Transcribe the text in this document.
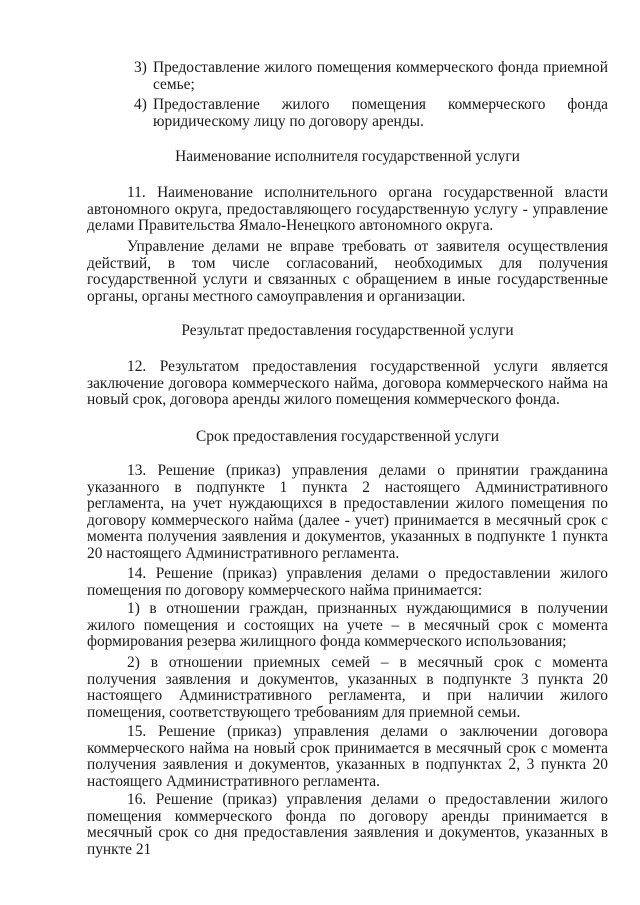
3) Предоставление жилого помещения коммерческого фонда приемной семье;

4) Предоставление жилого помещения коммерческого фонда юридическому лицу по договору аренды.

Наименование исполнителя государственной услуги

11. Наименование исполнительного органа государственной власти автономного округа, предоставляющего государственную услугу - управление делами Правительства Ямало-Ненецкого автономного округа.

Управление делами не вправе требовать от заявителя осуществления действий, в том числе согласований, необходимых для получения государственной услуги и связанных с обращением в иные государственные органы, органы местного самоуправления и организации.

Результат предоставления государственной услуги

12. Результатом предоставления государственной услуги является заключение договора коммерческого найма, договора коммерческого найма на новый срок, договора аренды жилого помещения коммерческого фонда.

Срок предоставления государственной услуги

13. Решение (приказ) управления делами о принятии гражданина указанного в подпункте 1 пункта 2 настоящего Административного регламента, на учет нуждающихся в предоставлении жилого помещения по договору коммерческого найма (далее - учет) принимается в месячный срок с момента получения заявления и документов, указанных в подпункте 1 пункта 20 настоящего Административного регламента.

14. Решение (приказ) управления делами о предоставлении жилого помещения по договору коммерческого найма принимается:

1) в отношении граждан, признанных нуждающимися в получении жилого помещения и состоящих на учете – в месячный срок с момента формирования резерва жилищного фонда коммерческого использования;

2) в отношении приемных семей – в месячный срок с момента получения заявления и документов, указанных в подпункте 3 пункта 20 настоящего Административного регламента, и при наличии жилого помещения, соответствующего требованиям для приемной семьи.

15. Решение (приказ) управления делами о заключении договора коммерческого найма на новый срок принимается в месячный срок с момента получения заявления и документов, указанных в подпунктах 2, 3 пункта 20 настоящего Административного регламента.

16. Решение (приказ) управления делами о предоставлении жилого помещения коммерческого фонда по договору аренды принимается в месячный срок со дня предоставления заявления и документов, указанных в пункте 21
